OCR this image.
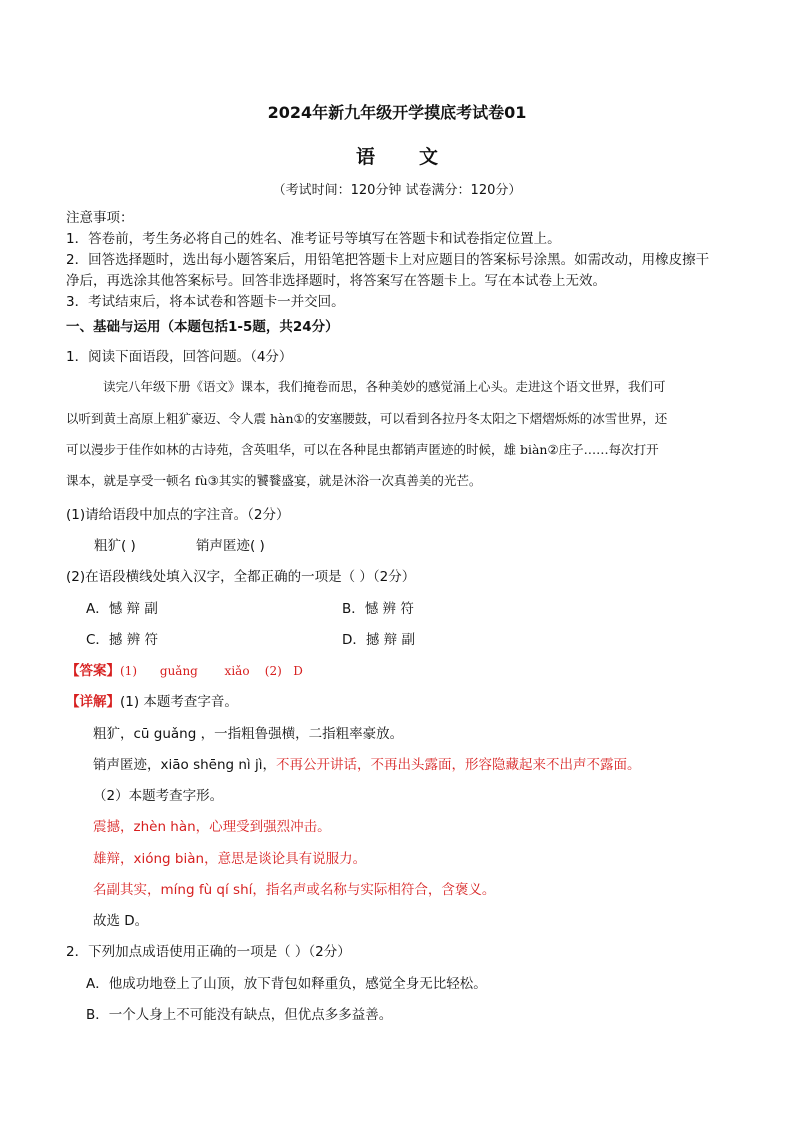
2024年新九年级开学摸底考试卷01
语 文
（考试时间：120分钟 试卷满分：120分）
注意事项：
1．答卷前，考生务必将自己的姓名、准考证号等填写在答题卡和试卷指定位置上。
2．回答选择题时，选出每小题答案后，用铅笔把答题卡上对应题目的答案标号涂黑。如需改动，用橡皮擦干
净后，再选涂其他答案标号。回答非选择题时，将答案写在答题卡上。写在本试卷上无效。
3．考试结束后，将本试卷和答题卡一并交回。
一、基础与运用（本题包括1-5题，共24分）
1．阅读下面语段，回答问题。（4分）
读完八年级下册《语文》课本，我们掩卷而思，各种美妙的感觉涌上心头。走进这个语文世界，我们可
以听到黄土高原上粗犷豪迈、令人震 hàn①的安塞腰鼓，可以看到各拉丹冬太阳之下熠熠烁烁的冰雪世界，还
可以漫步于佳作如林的古诗苑，含英咀华，可以在各种昆虫都销声匿迹的时候，雄 biàn②庄子……每次打开
课本，就是享受一顿名 fù③其实的饕餮盛宴，就是沐浴一次真善美的光芒。
(1)请给语段中加点的字注音。（2分）
粗犷( )	销声匿迹( )
(2)在语段横线处填入汉字，全都正确的一项是（ ）（2分）
A．憾 辩 副	B．憾 辨 符
C．撼 辨 符	D．撼 辩 副
【答案】(1)      guǎng       xiǎo    (2)   D
【详解】(1) 本题考查字音。
粗犷，cū guǎng ，一指粗鲁强横，二指粗率豪放。
销声匿迹，xiāo shēng nì jì，不再公开讲话，不再出头露面，形容隐藏起来不出声不露面。
（2）本题考查字形。
震撼，zhèn hàn，心理受到强烈冲击。
雄辩，xióng biàn，意思是谈论具有说服力。
名副其实，míng fù qí shí，指名声或名称与实际相符合，含褒义。
故选 D。
2．下列加点成语使用正确的一项是（ ）（2分）
A．他成功地登上了山顶，放下背包如释重负，感觉全身无比轻松。
B．一个人身上不可能没有缺点，但优点多多益善。
